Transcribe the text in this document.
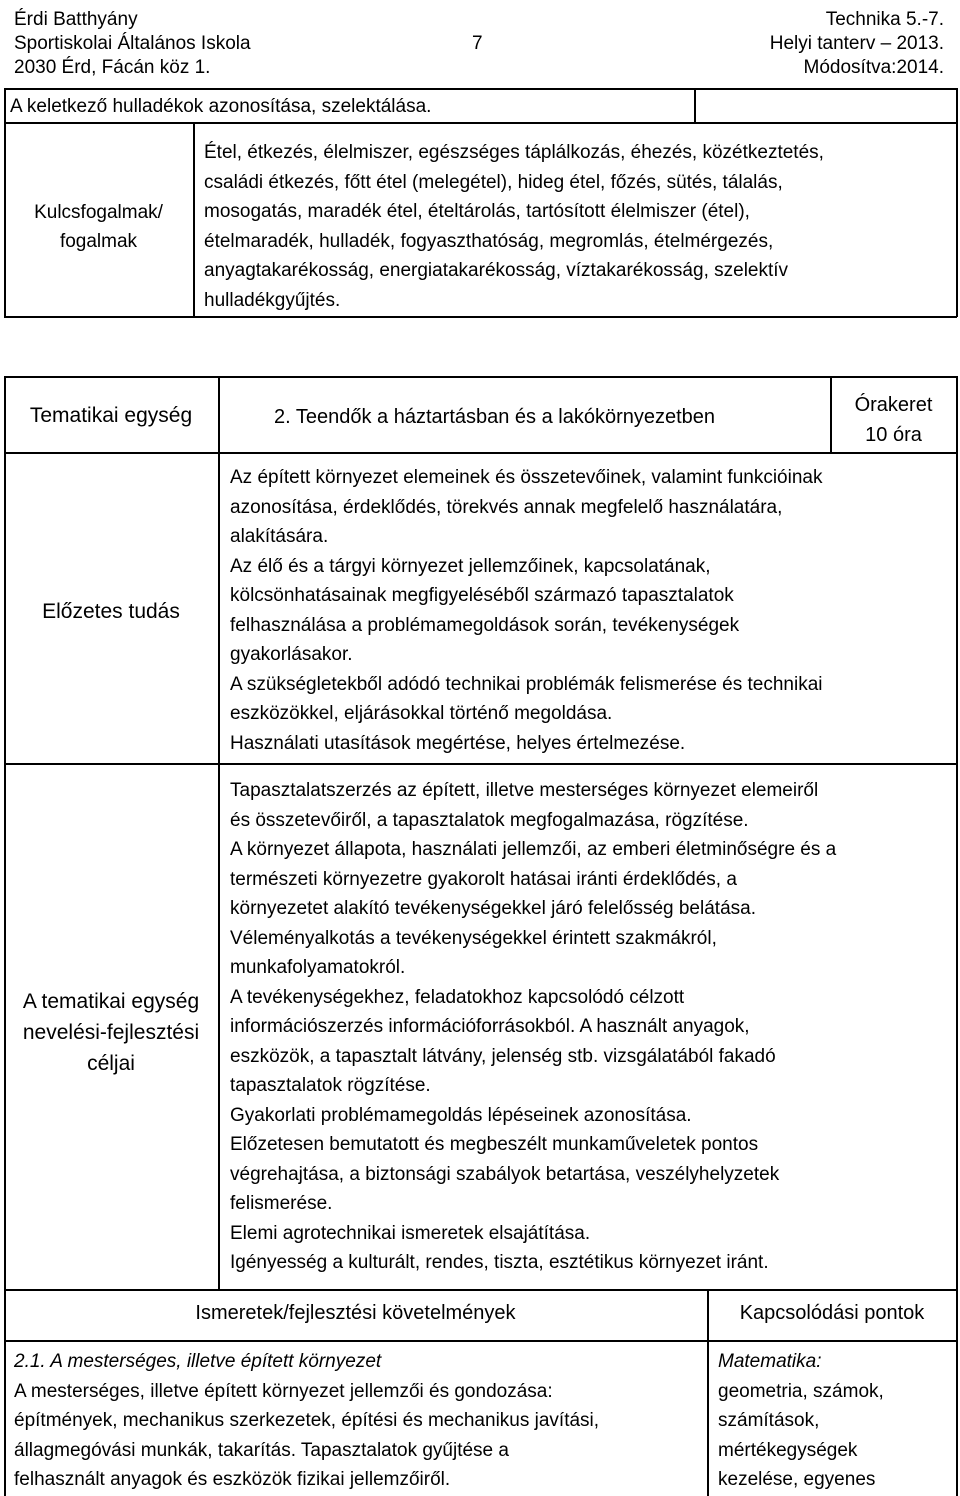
Érdi Batthyány
Sportiskolai Általános Iskola
2030 Érd, Fácán köz 1.
7
Technika 5.-7.
Helyi tanterv – 2013.
Módosítva:2014.
A keletkező hulladékok azonosítása, szelektálása.
Kulcsfogalmak/
fogalmak

Étel, étkezés, élelmiszer, egészséges táplálkozás, éhezés, közétkeztetés,

családi étkezés, főtt étel (melegétel), hideg étel, főzés, sütés, tálalás,

mosogatás, maradék étel, ételtárolás, tartósított élelmiszer (étel),

ételmaradék, hulladék, fogyaszthatóság, megromlás, ételmérgezés,

anyagtakarékosság, energiatakarékosság, víztakarékosság, szelektív

hulladékgyűjtés.

Tematikai egység	2. Teendők a háztartásban és a lakókörnyezetben
Órakeret
10 óra
Előzetes tudás

Az épített környezet elemeinek és összetevőinek, valamint funkcióinak

azonosítása, érdeklődés, törekvés annak megfelelő használatára,

alakítására.

Az élő és a tárgyi környezet jellemzőinek, kapcsolatának,

kölcsönhatásainak megfigyeléséből származó tapasztalatok

felhasználása a problémamegoldások során, tevékenységek

gyakorlásakor.

A szükségletekből adódó technikai problémák felismerése és technikai

eszközökkel, eljárásokkal történő megoldása.

Használati utasítások megértése, helyes értelmezése.

A tematikai egység
nevelési-fejlesztési
céljai

Tapasztalatszerzés az épített, illetve mesterséges környezet elemeiről

és összetevőiről, a tapasztalatok megfogalmazása, rögzítése.

A környezet állapota, használati jellemzői, az emberi életminőségre és a

természeti környezetre gyakorolt hatásai iránti érdeklődés, a

környezetet alakító tevékenységekkel járó felelősség belátása.

Véleményalkotás a tevékenységekkel érintett szakmákról,

munkafolyamatokról.

A tevékenységekhez, feladatokhoz kapcsolódó célzott

információszerzés információforrásokból. A használt anyagok,

eszközök, a tapasztalt látvány, jelenség stb. vizsgálatából fakadó

tapasztalatok rögzítése.

Gyakorlati problémamegoldás lépéseinek azonosítása.

Előzetesen bemutatott és megbeszélt munkaműveletek pontos

végrehajtása, a biztonsági szabályok betartása, veszélyhelyzetek

felismerése.

Elemi agrotechnikai ismeretek elsajátítása.

Igényesség a kulturált, rendes, tiszta, esztétikus környezet iránt.

Ismeretek/fejlesztési követelmények	Kapcsolódási pontok

2.1. A mesterséges, illetve épített környezet

A mesterséges, illetve épített környezet jellemzői és gondozása:

építmények, mechanikus szerkezetek, építési és mechanikus javítási,

állagmegóvási munkák, takarítás. Tapasztalatok gyűjtése a

felhasznált anyagok és eszközök fizikai jellemzőiről.

Matematika:

geometria, számok,

számítások,

mértékegységek

kezelése, egyenes
